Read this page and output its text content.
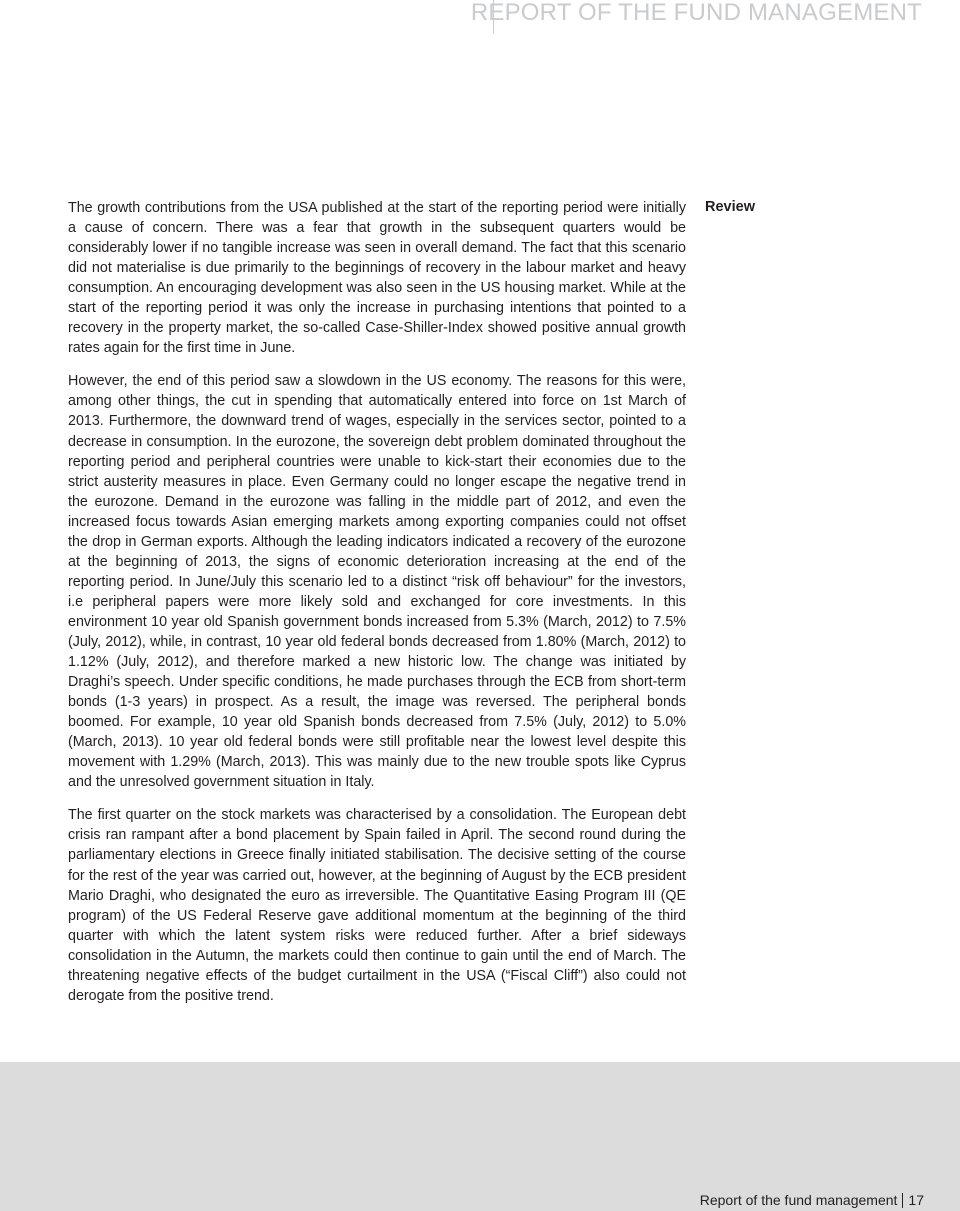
REPORT OF THE FUND MANAGEMENT
Review

The growth contributions from the USA published at the start of the reporting period were initially a cause of concern. There was a fear that growth in the subsequent quarters would be considerably lower if no tangible increase was seen in overall demand. The fact that this scenario did not materialise is due primarily to the beginnings of recovery in the labour market and heavy consumption. An encouraging development was also seen in the US housing market. While at the start of the reporting period it was only the increase in purchasing intentions that pointed to a recovery in the property market, the so-called Case-Shiller-Index showed positive annual growth rates again for the first time in June.

However, the end of this period saw a slowdown in the US economy. The reasons for this were, among other things, the cut in spending that automatically entered into force on 1st March of 2013. Furthermore, the downward trend of wages, especially in the services sector, pointed to a decrease in consumption. In the eurozone, the sovereign debt problem dominated throughout the reporting period and peripheral countries were unable to kick-start their economies due to the strict austerity measures in place. Even Germany could no longer escape the negative trend in the eurozone. Demand in the eurozone was falling in the middle part of 2012, and even the increased focus towards Asian emerging markets among exporting companies could not offset the drop in German exports. Although the leading indicators indicated a recovery of the eurozone at the beginning of 2013, the signs of economic deterioration increasing at the end of the reporting period. In June/July this scenario led to a distinct “risk off behaviour” for the investors, i.e peripheral papers were more likely sold and exchanged for core investments. In this environment 10 year old Spanish government bonds increased from 5.3% (March, 2012) to 7.5% (July, 2012), while, in contrast, 10 year old federal bonds decreased from 1.80% (March, 2012) to 1.12% (July, 2012), and therefore marked a new historic low. The change was initiated by Draghi’s speech. Under specific conditions, he made purchases through the ECB from short-term bonds (1-3 years) in prospect. As a result, the image was reversed. The peripheral bonds boomed. For example, 10 year old Spanish bonds decreased from 7.5% (July, 2012) to 5.0% (March, 2013). 10 year old federal bonds were still profitable near the lowest level despite this movement with 1.29% (March, 2013). This was mainly due to the new trouble spots like Cyprus and the unresolved government situation in Italy.

The first quarter on the stock markets was characterised by a consolidation. The European debt crisis ran rampant after a bond placement by Spain failed in April. The second round during the parliamentary elections in Greece finally initiated stabilisation. The decisive setting of the course for the rest of the year was carried out, however, at the beginning of August by the ECB president Mario Draghi, who designated the euro as irreversible. The Quantitative Easing Program III (QE program) of the US Federal Reserve gave additional momentum at the beginning of the third quarter with which the latent system risks were reduced further. After a brief sideways consolidation in the Autumn, the markets could then continue to gain until the end of March. The threatening negative effects of the budget curtailment in the USA (“Fiscal Cliff”) also could not derogate from the positive trend.

Report of the fund management 17
